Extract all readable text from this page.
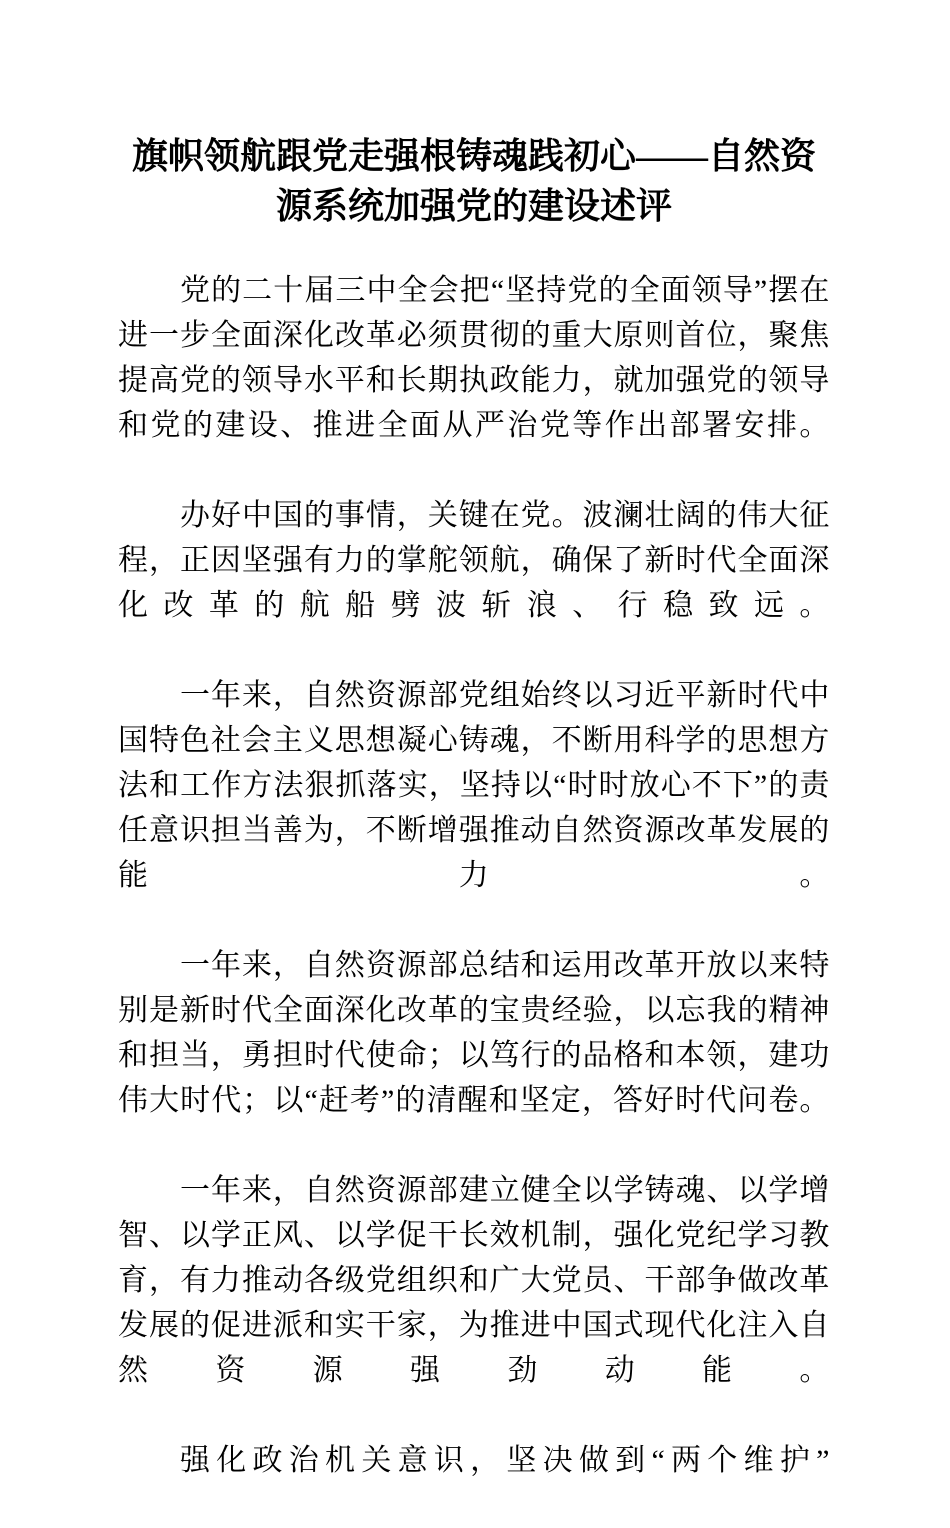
旗帜领航跟党走强根铸魂践初心——自然资源系统加强党的建设述评

党的二十届三中全会把“坚持党的全面领导”摆在进一步全面深化改革必须贯彻的重大原则首位，聚焦提高党的领导水平和长期执政能力，就加强党的领导和党的建设、推进全面从严治党等作出部署安排。

办好中国的事情，关键在党。波澜壮阔的伟大征程，正因坚强有力的掌舵领航，确保了新时代全面深化改革的航船劈波斩浪、行稳致远。

一年来，自然资源部党组始终以习近平新时代中国特色社会主义思想凝心铸魂，不断用科学的思想方法和工作方法狠抓落实，坚持以“时时放心不下”的责任意识担当善为，不断增强推动自然资源改革发展的能力。

一年来，自然资源部总结和运用改革开放以来特别是新时代全面深化改革的宝贵经验，以忘我的精神和担当，勇担时代使命；以笃行的品格和本领，建功伟大时代；以“赶考”的清醒和坚定，答好时代问卷。

一年来，自然资源部建立健全以学铸魂、以学增智、以学正风、以学促干长效机制，强化党纪学习教育，有力推动各级党组织和广大党员、干部争做改革发展的促进派和实干家，为推进中国式现代化注入自然资源强劲动能。

强化政治机关意识，坚决做到“两个维护”
